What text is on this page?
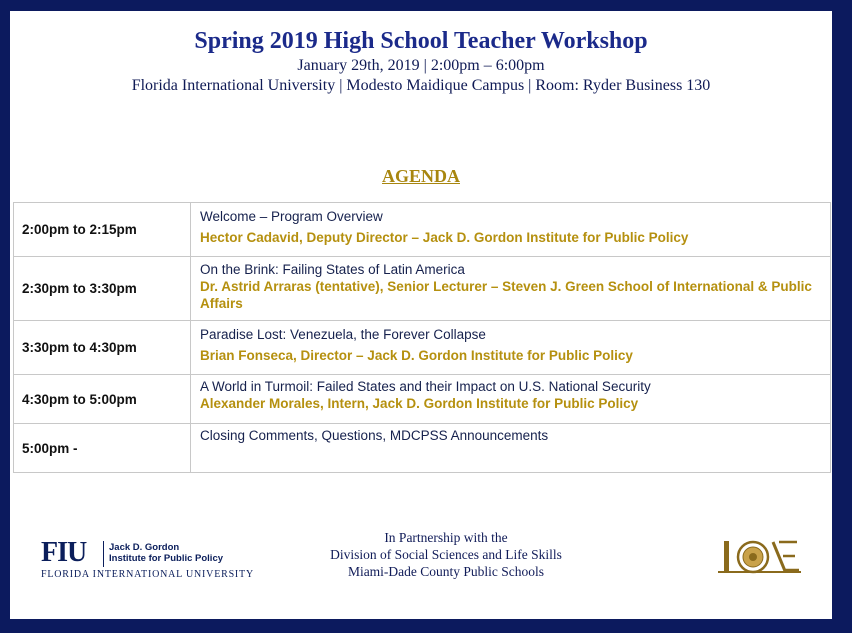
Spring 2019 High School Teacher Workshop
January 29th, 2019 | 2:00pm – 6:00pm
Florida International University | Modesto Maidique Campus | Room: Ryder Business 130
AGENDA
2:00pm to 2:15pm	Welcome – Program Overview
Hector Cadavid, Deputy Director – Jack D. Gordon Institute for Public Policy

2:30pm to 3:30pm	On the Brink: Failing States of Latin America
Dr. Astrid Arraras (tentative), Senior Lecturer – Steven J. Green School of International & Public Affairs

3:30pm to 4:30pm	Paradise Lost: Venezuela, the Forever Collapse
Brian Fonseca, Director – Jack D. Gordon Institute for Public Policy

4:30pm to 5:00pm	A World in Turmoil: Failed States and their Impact on U.S. National Security
Alexander Morales, Intern, Jack D. Gordon Institute for Public Policy

5:00pm -	Closing Comments, Questions, MDCPSS Announcements
FIU Jack D. Gordon
Institute for Public Policy
FLORIDA INTERNATIONAL UNIVERSITY
In Partnership with the
Division of Social Sciences and Life Skills
Miami-Dade County Public Schools
